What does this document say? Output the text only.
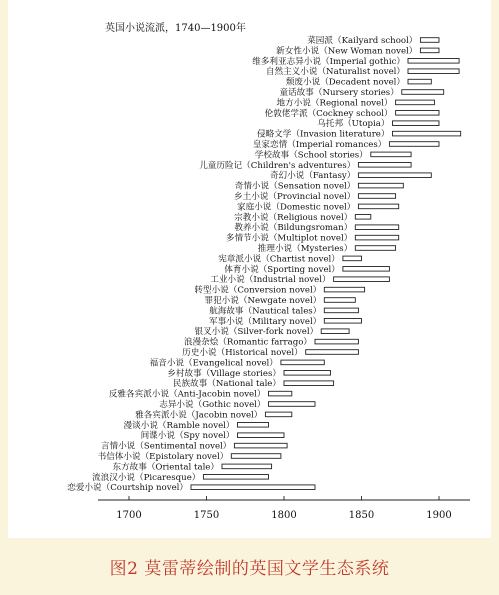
英国小说流派，1740—1900年
菜园派（Kailyard school）
新女性小说（New Woman novel）
维多利亚志异小说（Imperial gothic）
自然主义小说（Naturalist novel）
颓废小说（Decadent novel）
童话故事（Nursery stories）
地方小说（Regional novel）
伦敦佬学派（Cockney school）
乌托邦（Utopia）
侵略文学（Invasion literature）
皇家恋情（Imperial romances）
学校故事（School stories）
儿童历险记（Children's adventures）
奇幻小说（Fantasy）
奇情小说（Sensation novel）
乡土小说（Provincial novel）
家庭小说（Domestic novel）
宗教小说（Religious novel）
教养小说（Bildungsroman）
多情节小说（Multiplot novel）
推理小说（Mysteries）
宪章派小说（Chartist novel）
体育小说（Sporting novel）
工业小说（Industrial novel）
转型小说（Conversion novel）
罪犯小说（Newgate novel）
航海故事（Nautical tales）
军事小说（Military novel）
银叉小说（Silver-fork novel）
浪漫杂烩（Romantic farrago）
历史小说（Historical novel）
福音小说（Evangelical novel）
乡村故事（Village stories）
民族故事（National tale）
反雅各宾派小说（Anti-Jacobin novel）
志异小说（Gothic novel）
雅各宾派小说（Jacobin novel）
漫谈小说（Ramble novel）
间谍小说（Spy novel）
言情小说（Sentimental novel）
书信体小说（Epistolary novel）
东方故事（Oriental tale）
流浪汉小说（Picaresque）
恋爱小说（Courtship novel）
1700	1750	1800	1850	1900
图2 莫雷蒂绘制的英国文学生态系统
